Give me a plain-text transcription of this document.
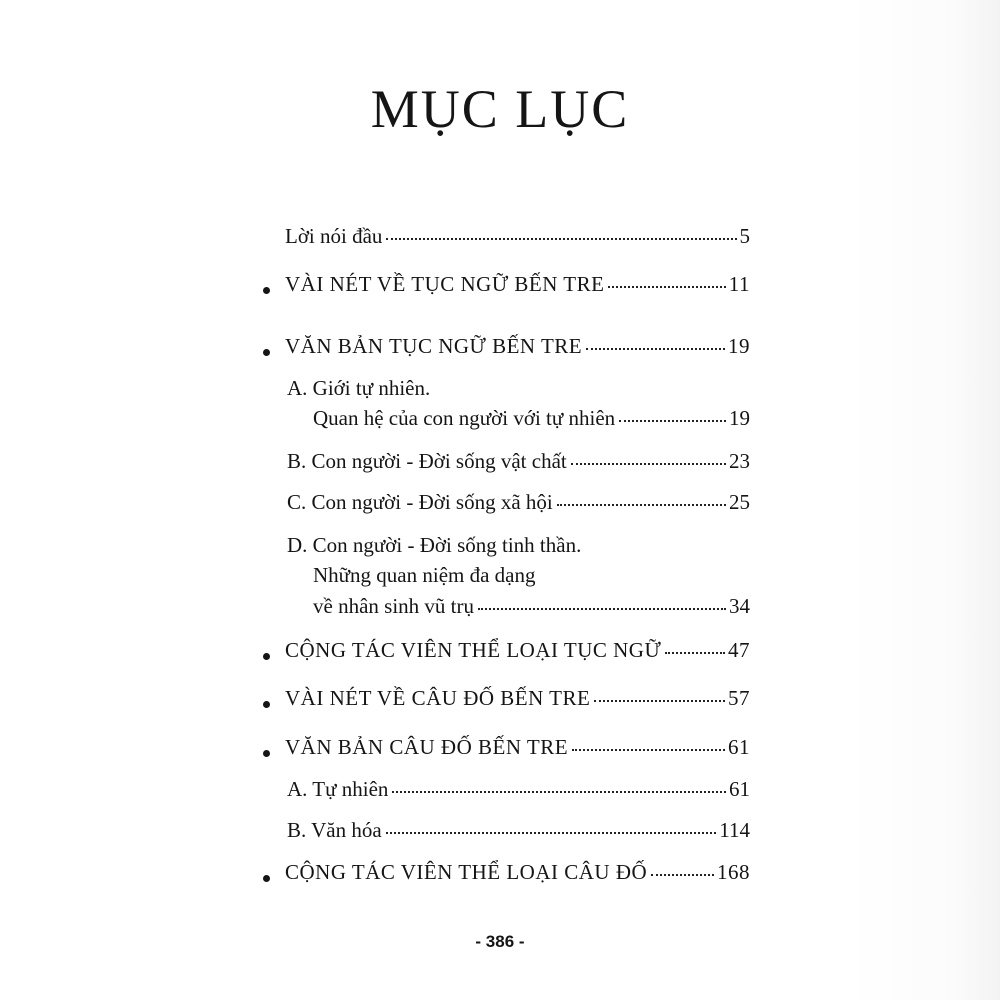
MỤC LỤC
Lời nói đầu	5
VÀI NÉT VỀ TỤC NGỮ BẾN TRE	11
VĂN BẢN TỤC NGỮ BẾN TRE	19
A. Giới tự nhiên.
Quan hệ của con người với tự nhiên	19
B. Con người - Đời sống vật chất	23
C. Con người - Đời sống xã hội	25
D. Con người - Đời sống tinh thần.
Những quan niệm đa dạng
về nhân sinh vũ trụ	34
CỘNG TÁC VIÊN THỂ LOẠI TỤC NGỮ	47
VÀI NÉT VỀ CÂU ĐỐ BẾN TRE	57
VĂN BẢN CÂU ĐỐ BẾN TRE	61
A. Tự nhiên	61
B. Văn hóa	114
CỘNG TÁC VIÊN THỂ LOẠI CÂU ĐỐ	168
- 386 -
